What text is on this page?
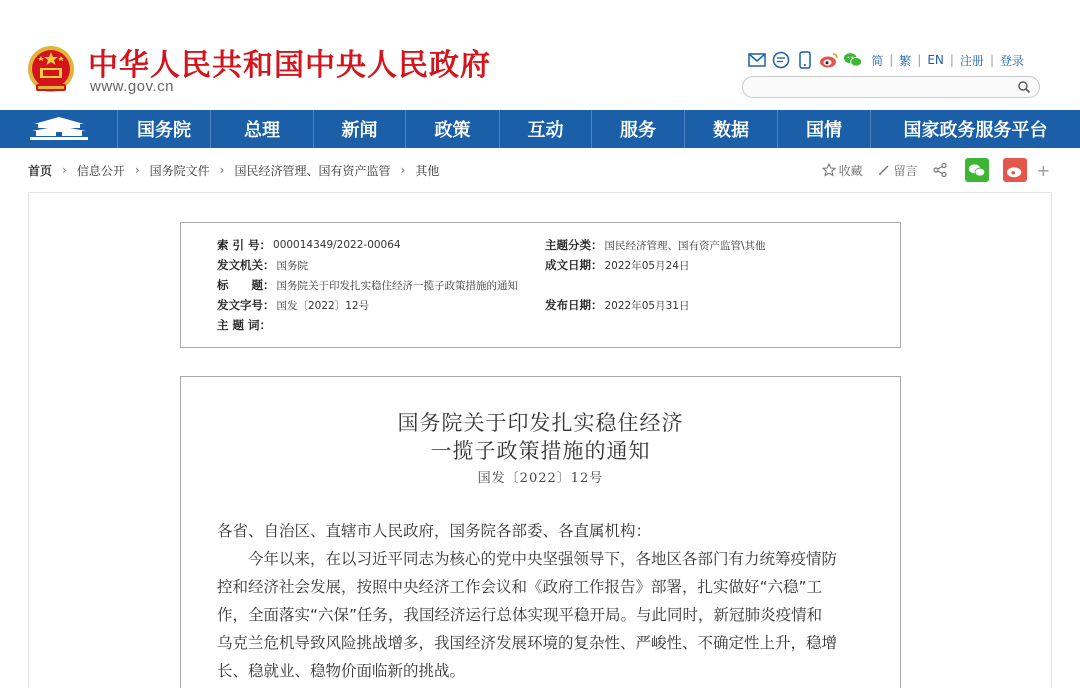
中华人民共和国中央人民政府
www.gov.cn
简 | 繁 | EN | 注册 | 登录
国务院	总理	新闻	政策	互动	服务	数据	国情	国家政务服务平台
首页 › 信息公开 › 国务院文件 › 国民经济管理、国有资产监管 › 其他	收藏	留言	+
索 引 号： 000014349/2022-00064	主题分类： 国民经济管理、国有资产监管\其他
发文机关： 国务院	成文日期： 2022年05月24日
标　　题： 国务院关于印发扎实稳住经济一揽子政策措施的通知
发文字号： 国发〔2022〕12号	发布日期： 2022年05月31日
主 题 词：
国务院关于印发扎实稳住经济
一揽子政策措施的通知
国发〔2022〕12号

各省、自治区、直辖市人民政府，国务院各部委、各直属机构：

今年以来，在以习近平同志为核心的党中央坚强领导下，各地区各部门有力统筹疫情防

控和经济社会发展，按照中央经济工作会议和《政府工作报告》部署，扎实做好“六稳”工

作，全面落实“六保”任务，我国经济运行总体实现平稳开局。与此同时，新冠肺炎疫情和

乌克兰危机导致风险挑战增多，我国经济发展环境的复杂性、严峻性、不确定性上升，稳增

长、稳就业、稳物价面临新的挑战。
